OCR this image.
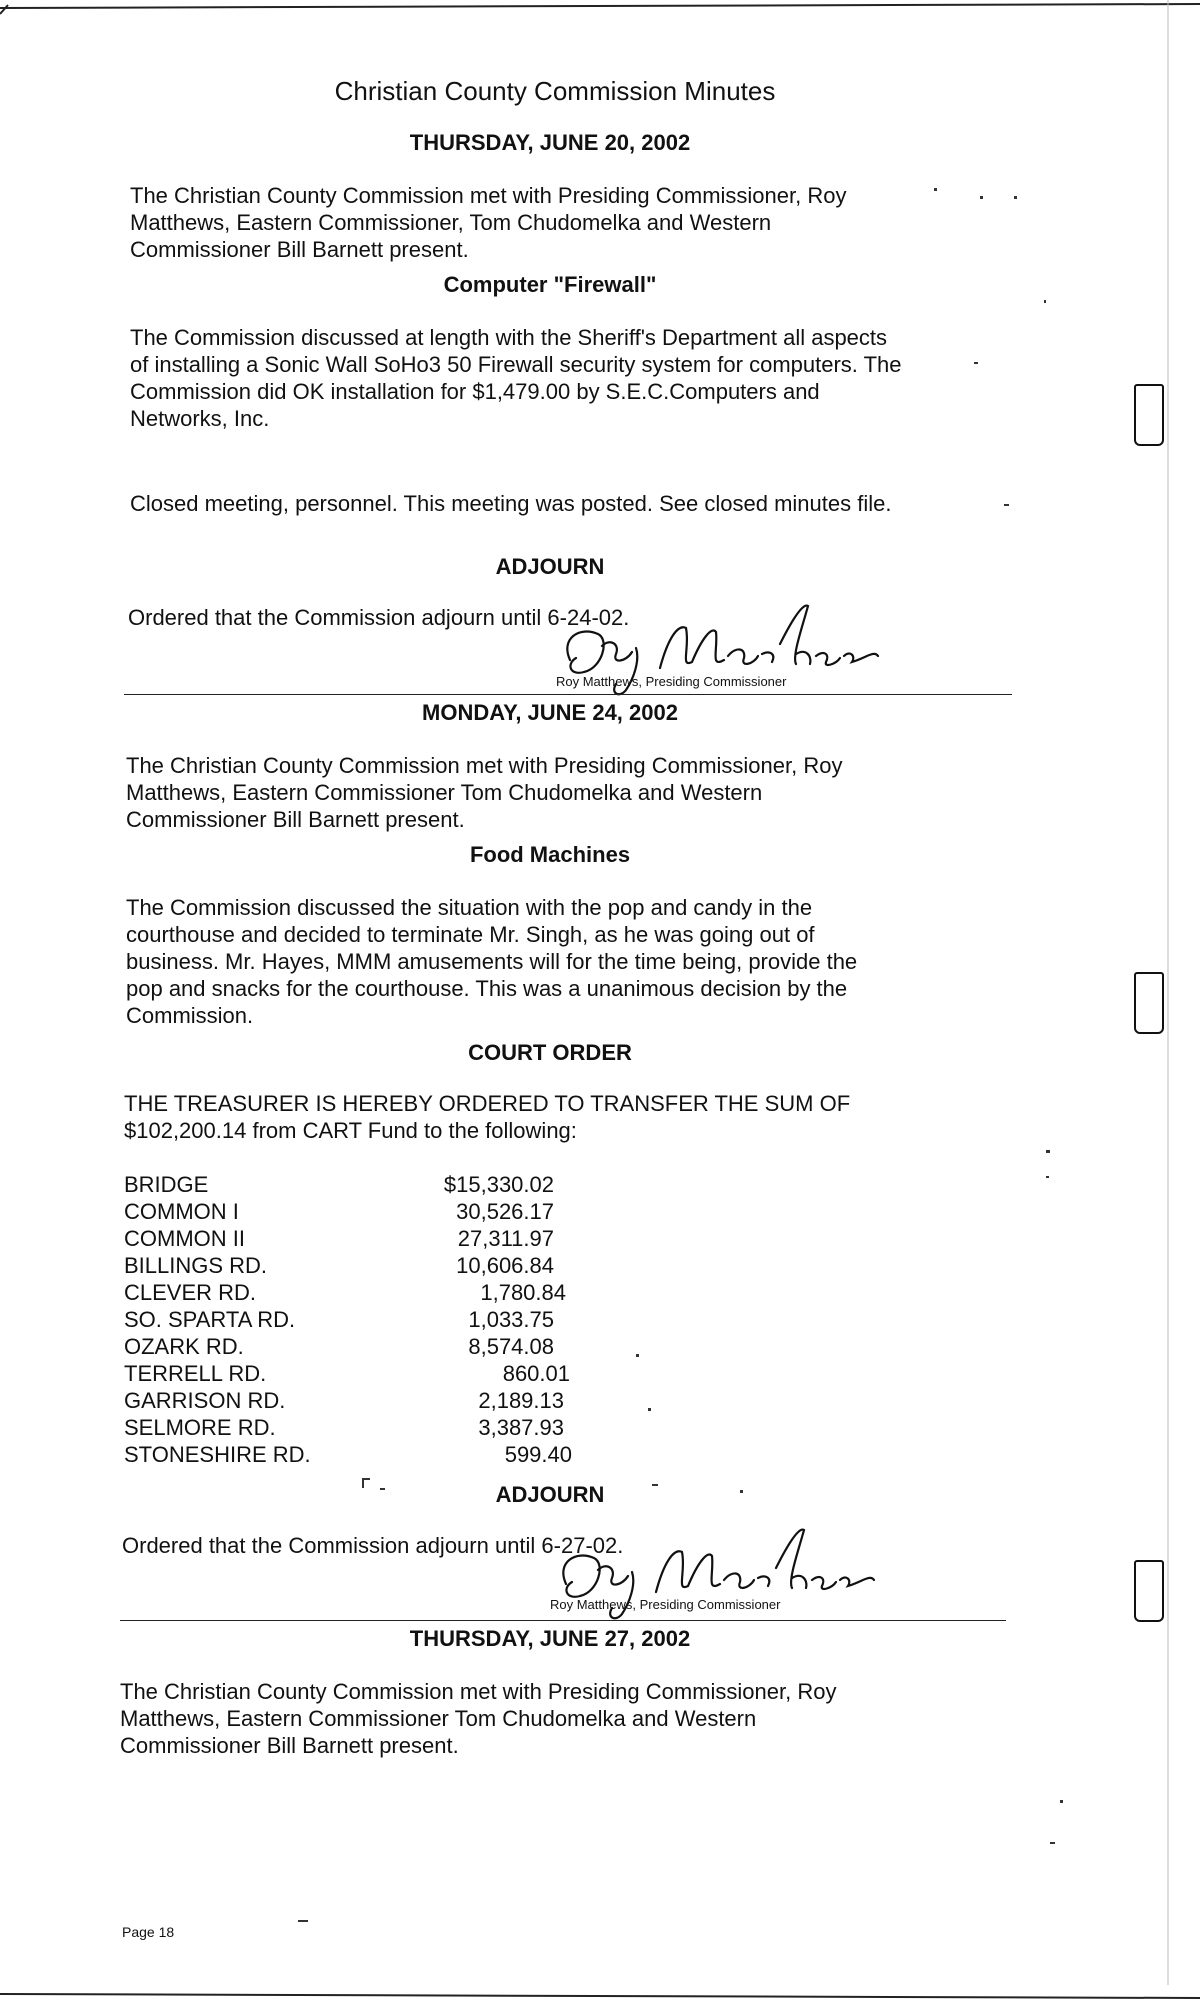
Christian County Commission Minutes
THURSDAY, JUNE 20, 2002
The Christian County Commission met with Presiding Commissioner, Roy
Matthews, Eastern Commissioner, Tom Chudomelka and Western
Commissioner Bill Barnett present.
Computer "Firewall"
The Commission discussed at length with the Sheriff's Department all aspects
of installing a Sonic Wall SoHo3 50 Firewall security system for computers. The
Commission did OK installation for $1,479.00 by S.E.C.Computers and
Networks, Inc.
Closed meeting, personnel. This meeting was posted. See closed minutes file.
ADJOURN
Ordered that the Commission adjourn until 6-24-02.
Roy Matthews, Presiding Commissioner
MONDAY, JUNE 24, 2002
The Christian County Commission met with Presiding Commissioner, Roy
Matthews, Eastern Commissioner Tom Chudomelka and Western
Commissioner Bill Barnett present.
Food Machines
The Commission discussed the situation with the pop and candy in the
courthouse and decided to terminate Mr. Singh, as he was going out of
business. Mr. Hayes, MMM amusements will for the time being, provide the
pop and snacks for the courthouse. This was a unanimous decision by the
Commission.
COURT ORDER
THE TREASURER IS HEREBY ORDERED TO TRANSFER THE SUM OF
$102,200.14 from CART Fund to the following:
BRIDGE	$15,330.02
COMMON I	30,526.17
COMMON II	27,311.97
BILLINGS RD.	10,606.84
CLEVER RD.	1,780.84
SO. SPARTA RD.	1,033.75
OZARK RD.	8,574.08
TERRELL RD.	860.01
GARRISON RD.	2,189.13
SELMORE RD.	3,387.93
STONESHIRE RD.	599.40
ADJOURN
Ordered that the Commission adjourn until 6-27-02.
Roy Matthews, Presiding Commissioner
THURSDAY, JUNE 27, 2002
The Christian County Commission met with Presiding Commissioner, Roy
Matthews, Eastern Commissioner Tom Chudomelka and Western
Commissioner Bill Barnett present.
Page 18
